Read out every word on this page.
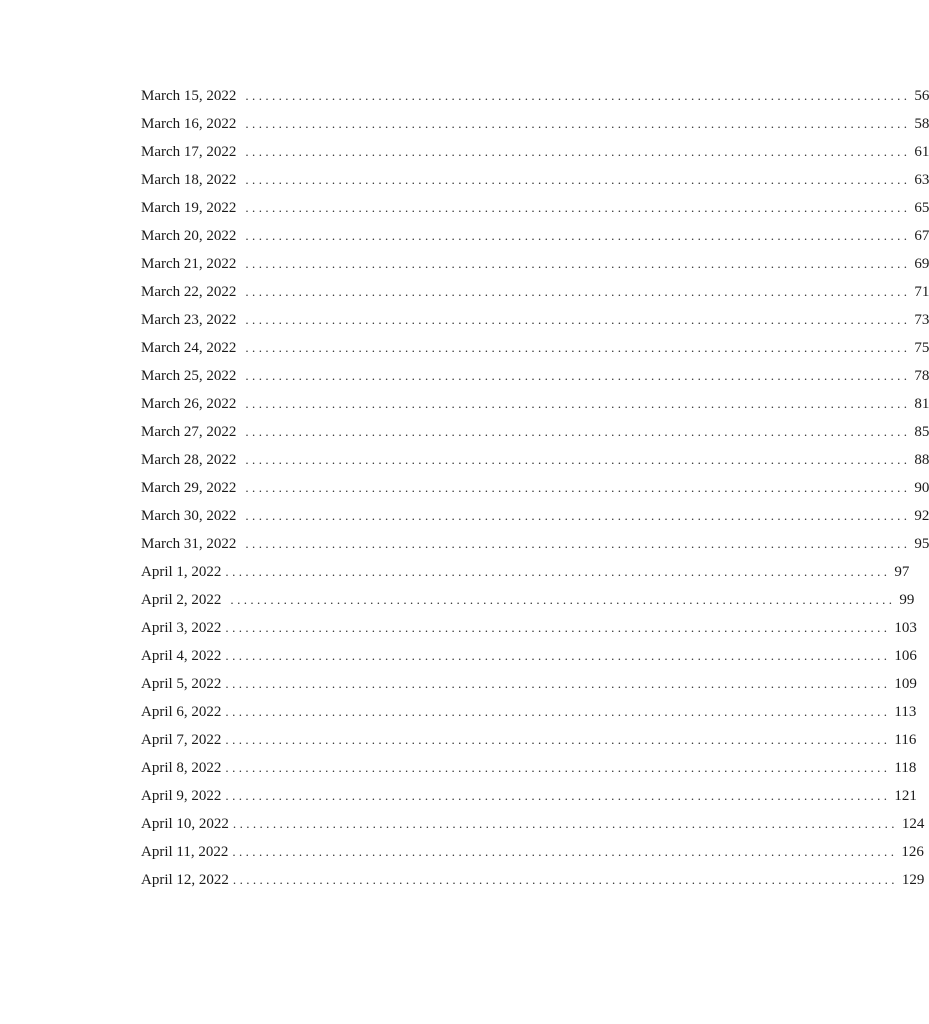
March 15, 2022 .................................................................................................... 56
March 16, 2022 .................................................................................................... 58
March 17, 2022 .................................................................................................... 61
March 18, 2022 .................................................................................................... 63
March 19, 2022 .................................................................................................... 65
March 20, 2022 .................................................................................................... 67
March 21, 2022 .................................................................................................... 69
March 22, 2022 .................................................................................................... 71
March 23, 2022 .................................................................................................... 73
March 24, 2022 .................................................................................................... 75
March 25, 2022 .................................................................................................... 78
March 26, 2022 .................................................................................................... 81
March 27, 2022 .................................................................................................... 85
March 28, 2022 .................................................................................................... 88
March 29, 2022 .................................................................................................... 90
March 30, 2022 .................................................................................................... 92
March 31, 2022 .................................................................................................... 95
April 1, 2022 .................................................................................................... 97
April 2, 2022 .................................................................................................... 99
April 3, 2022 .................................................................................................... 103
April 4, 2022 .................................................................................................... 106
April 5, 2022 .................................................................................................... 109
April 6, 2022 .................................................................................................... 113
April 7, 2022 .................................................................................................... 116
April 8, 2022 .................................................................................................... 118
April 9, 2022 .................................................................................................... 121
April 10, 2022 .................................................................................................... 124
April 11, 2022 .................................................................................................... 126
April 12, 2022 .................................................................................................... 129
